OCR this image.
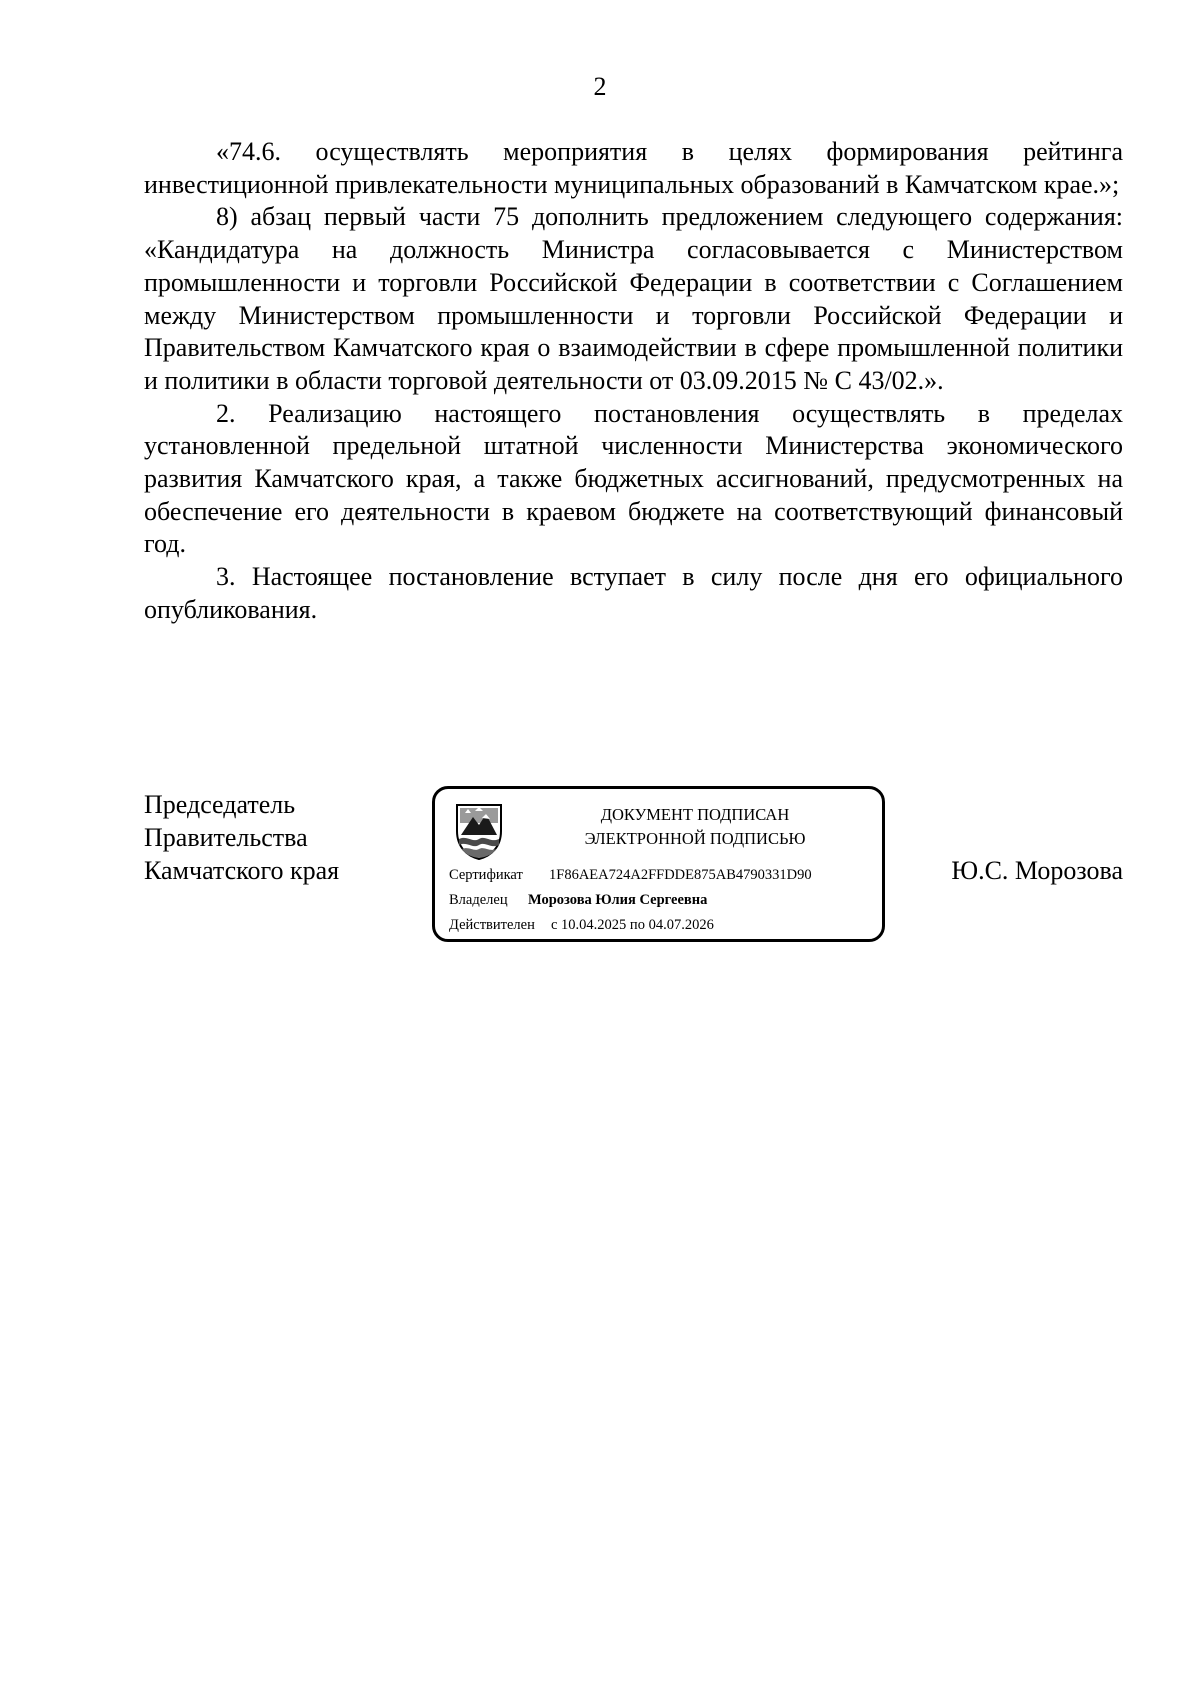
2

«74.6. осуществлять мероприятия в целях формирования рейтинга инвестиционной привлекательности муниципальных образований в Камчатском крае.»;

8) абзац первый части 75 дополнить предложением следующего содержания: «Кандидатура на должность Министра согласовывается с Министерством промышленности и торговли Российской Федерации в соответствии с Соглашением между Министерством промышленности и торговли Российской Федерации и Правительством Камчатского края о взаимодействии в сфере промышленной политики и политики в области торговой деятельности от 03.09.2015 № С 43/02.».

2. Реализацию настоящего постановления осуществлять в пределах установленной предельной штатной численности Министерства экономического развития Камчатского края, а также бюджетных ассигнований, предусмотренных на обеспечение его деятельности в краевом бюджете на соответствующий финансовый год.

3. Настоящее постановление вступает в силу после дня его официального опубликования.

Председатель
Правительства
Камчатского края
ДОКУМЕНТ ПОДПИСАН
ЭЛЕКТРОННОЙ ПОДПИСЬЮ
Сертификат 1F86AEA724A2FFDDE875AB4790331D90
Владелец Морозова Юлия Сергеевна
Действителен с 10.04.2025 по 04.07.2026
Ю.С. Морозова
